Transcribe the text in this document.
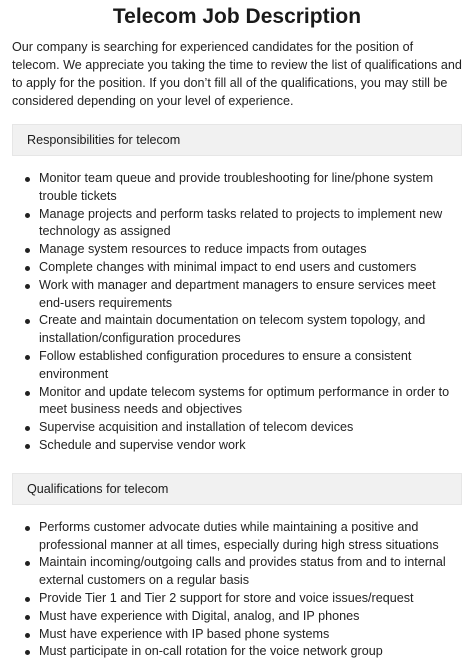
Telecom Job Description

Our company is searching for experienced candidates for the position of telecom. We appreciate you taking the time to review the list of qualifications and to apply for the position. If you don’t fill all of the qualifications, you may still be considered depending on your level of experience.

Responsibilities for telecom
Monitor team queue and provide troubleshooting for line/phone system trouble tickets
Manage projects and perform tasks related to projects to implement new technology as assigned
Manage system resources to reduce impacts from outages
Complete changes with minimal impact to end users and customers
Work with manager and department managers to ensure services meet end-users requirements
Create and maintain documentation on telecom system topology, and installation/configuration procedures
Follow established configuration procedures to ensure a consistent environment
Monitor and update telecom systems for optimum performance in order to meet business needs and objectives
Supervise acquisition and installation of telecom devices
Schedule and supervise vendor work
Qualifications for telecom
Performs customer advocate duties while maintaining a positive and professional manner at all times, especially during high stress situations
Maintain incoming/outgoing calls and provides status from and to internal external customers on a regular basis
Provide Tier 1 and Tier 2 support for store and voice issues/request
Must have experience with Digital, analog, and IP phones
Must have experience with IP based phone systems
Must participate in on-call rotation for the voice network group
